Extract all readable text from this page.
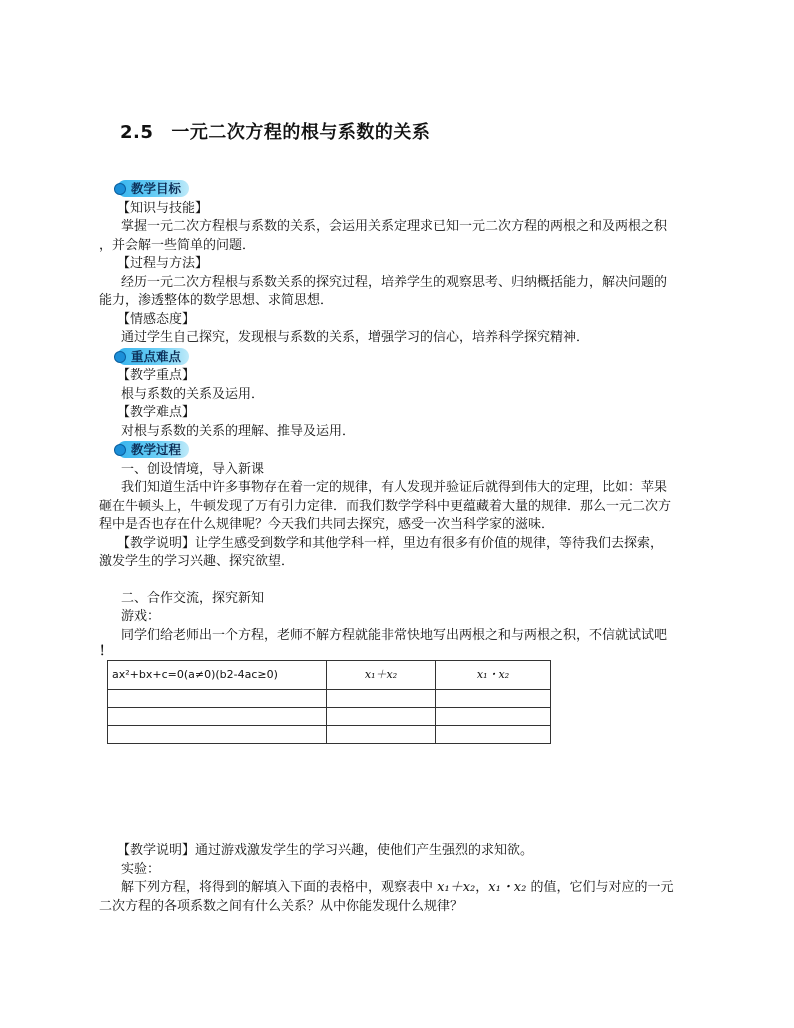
2.5 一元二次方程的根与系数的关系
教学目标
【知识与技能】
掌握一元二次方程根与系数的关系，会运用关系定理求已知一元二次方程的两根之和及两根之积
，并会解一些简单的问题．
【过程与方法】
经历一元二次方程根与系数关系的探究过程，培养学生的观察思考、归纳概括能力，解决问题的
能力，渗透整体的数学思想、求简思想．
【情感态度】
通过学生自己探究，发现根与系数的关系，增强学习的信心，培养科学探究精神．
重点难点
【教学重点】
根与系数的关系及运用．
【教学难点】
对根与系数的关系的理解、推导及运用．
教学过程
一、创设情境，导入新课
我们知道生活中许多事物存在着一定的规律，有人发现并验证后就得到伟大的定理，比如：苹果
砸在牛顿头上，牛顿发现了万有引力定律．而我们数学学科中更蕴藏着大量的规律．那么一元二次方
程中是否也存在什么规律呢？今天我们共同去探究，感受一次当科学家的滋味．
【教学说明】让学生感受到数学和其他学科一样，里边有很多有价值的规律，等待我们去探索，
激发学生的学习兴趣、探究欲望．
二、合作交流，探究新知
游戏：
同学们给老师出一个方程，老师不解方程就能非常快地写出两根之和与两根之积，不信就试试吧
！
ax²+bx+c=0(a≠0)(b2-4ac≥0)	x₁＋x₂	x₁・x₂

【教学说明】通过游戏激发学生的学习兴趣，使他们产生强烈的求知欲。
实验：
解下列方程，将得到的解填入下面的表格中，观察表中 x₁＋x₂，x₁・x₂ 的值，它们与对应的一元
二次方程的各项系数之间有什么关系？从中你能发现什么规律？
